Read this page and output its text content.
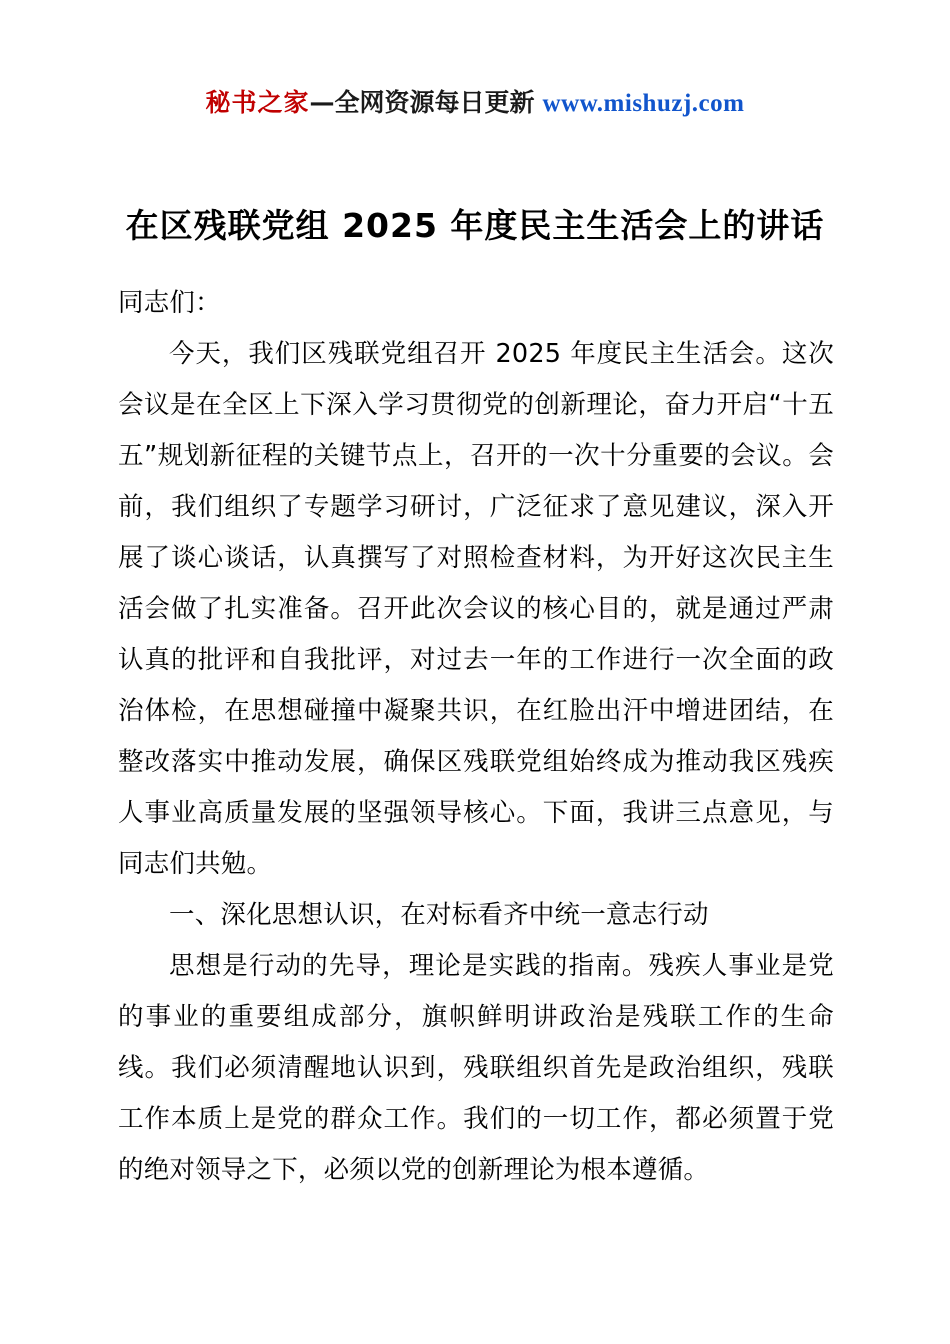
秘书之家—全网资源每日更新 www.mishuzj.com
在区残联党组 2025 年度民主生活会上的讲话

同志们：

今天，我们区残联党组召开 2025 年度民主生活会。这次会议是在全区上下深入学习贯彻党的创新理论，奋力开启“十五五”规划新征程的关键节点上，召开的一次十分重要的会议。会前，我们组织了专题学习研讨，广泛征求了意见建议，深入开展了谈心谈话，认真撰写了对照检查材料，为开好这次民主生活会做了扎实准备。召开此次会议的核心目的，就是通过严肃认真的批评和自我批评，对过去一年的工作进行一次全面的政治体检，在思想碰撞中凝聚共识，在红脸出汗中增进团结，在整改落实中推动发展，确保区残联党组始终成为推动我区残疾人事业高质量发展的坚强领导核心。下面，我讲三点意见，与同志们共勉。

一、深化思想认识，在对标看齐中统一意志行动

思想是行动的先导，理论是实践的指南。残疾人事业是党的事业的重要组成部分，旗帜鲜明讲政治是残联工作的生命线。我们必须清醒地认识到，残联组织首先是政治组织，残联工作本质上是党的群众工作。我们的一切工作，都必须置于党的绝对领导之下，必须以党的创新理论为根本遵循。
